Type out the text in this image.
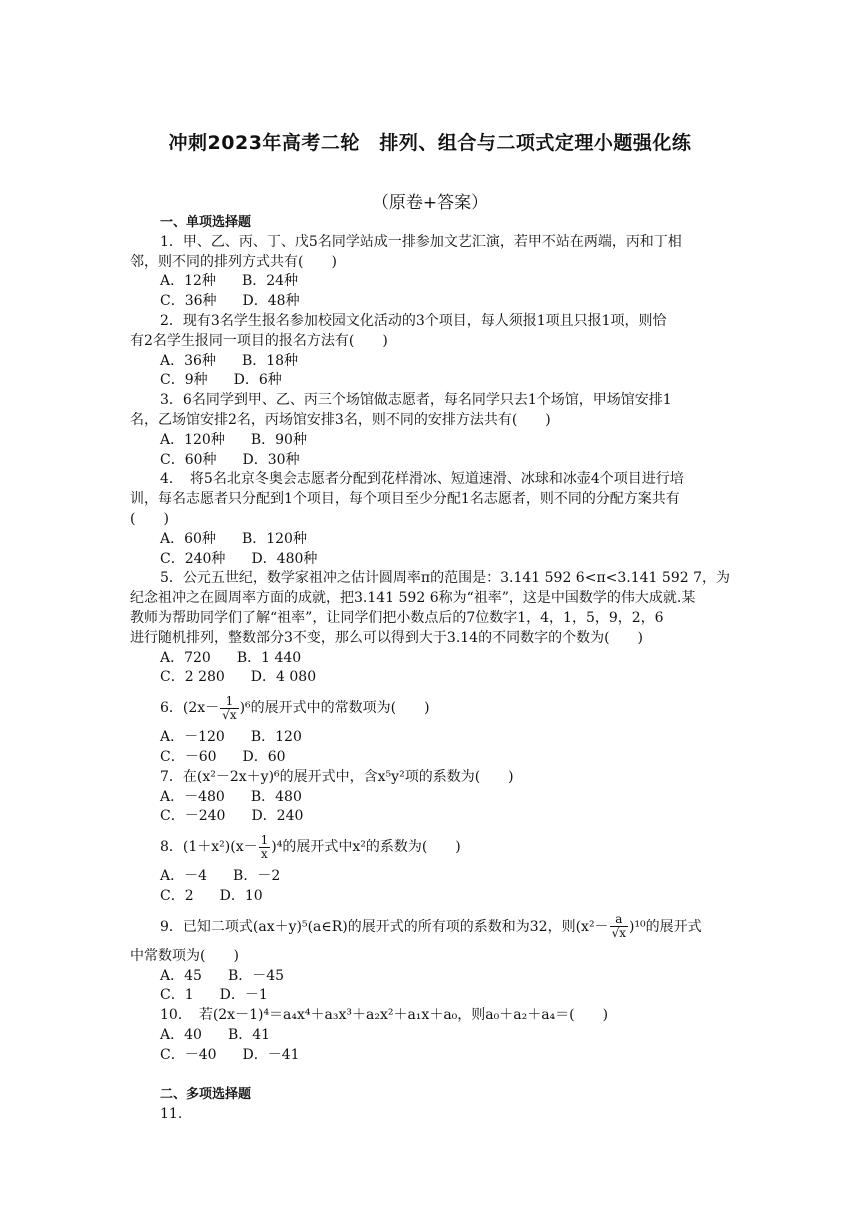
冲刺2023年高考二轮　排列、组合与二项式定理小题强化练
（原卷+答案）
一、单项选择题
1．甲、乙、丙、丁、戊5名同学站成一排参加文艺汇演，若甲不站在两端，丙和丁相
邻，则不同的排列方式共有(　　)
A．12种 B．24种
C．36种 D．48种
2．现有3名学生报名参加校园文化活动的3个项目，每人须报1项且只报1项，则恰
有2名学生报同一项目的报名方法有(　　)
A．36种 B．18种
C．9种 D．6种
3．6名同学到甲、乙、丙三个场馆做志愿者，每名同学只去1个场馆，甲场馆安排1
名，乙场馆安排2名，丙场馆安排3名，则不同的安排方法共有(　　)
A．120种 B．90种
C．60种 D．30种
4．　将5名北京冬奥会志愿者分配到花样滑冰、短道速滑、冰球和冰壶4个项目进行培
训，每名志愿者只分配到1个项目，每个项目至少分配1名志愿者，则不同的分配方案共有
(　　)
A．60种 B．120种
C．240种 D．480种
5．公元五世纪，数学家祖冲之估计圆周率π的范围是：3.141 592 6<π<3.141 592 7，为
纪念祖冲之在圆周率方面的成就，把3.141 592 6称为“祖率”，这是中国数学的伟大成就.某
教师为帮助同学们了解“祖率”，让同学们把小数点后的7位数字1，4，1，5，9，2，6
进行随机排列，整数部分3不变，那么可以得到大于3.14的不同数字的个数为(　　)
A．720 B．1 440
C．2 280 D．4 080
6．$(2x- \frac{1}{√x} )^6$的展开式中的常数项为(　　)
A．－120 B．120
C．－60 D．60
7．在(x²－2x＋y)⁶的展开式中，含x⁵y²项的系数为(　　)
A．－480 B．480
C．－240 D．240
8．$(1+x^2)(x- \frac{1}{x} )^4$的展开式中x²的系数为(　　)
A．－4 B．－2
C．2 D．10
9．已知二项式(ax＋y)⁵(a∈R)的展开式的所有项的系数和为32，则$(x^2- \frac{a}{√x} )^{10}$的展开式
中常数项为(　　)
A．45 B．－45
C．1 D．－1
10．　若(2x－1)⁴＝a₄x⁴＋a₃x³＋a₂x²＋a₁x＋a₀，则a₀＋a₂＋a₄＝(　　)
A．40 B．41
C．－40 D．－41
二、多项选择题
11.
